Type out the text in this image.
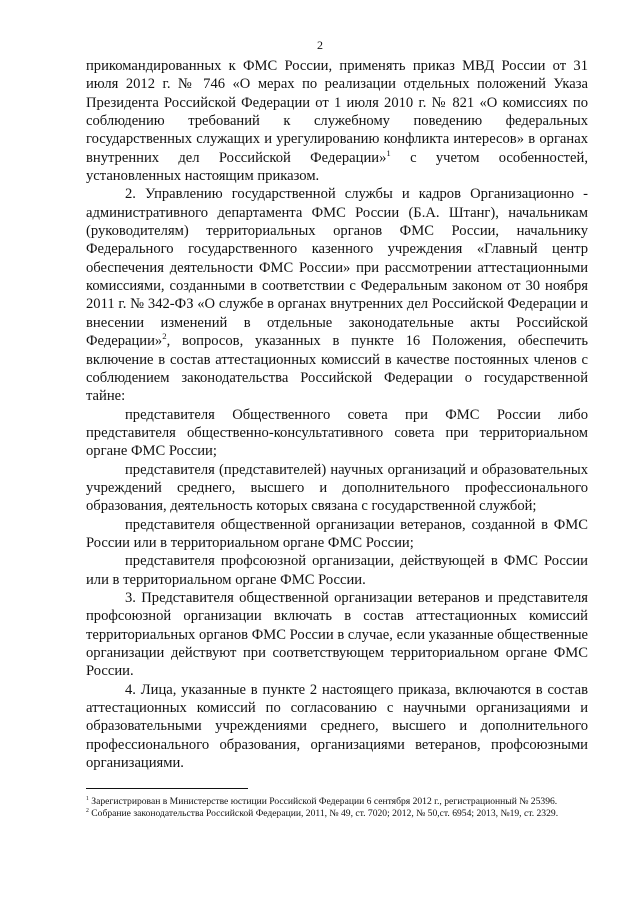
2

прикомандированных к ФМС России, применять приказ МВД России от 31 июля 2012 г. № 746 «О мерах по реализации отдельных положений Указа Президента Российской Федерации от 1 июля 2010 г. № 821 «О комиссиях по соблюдению требований к служебному поведению федеральных государственных служащих и урегулированию конфликта интересов» в органах внутренних дел Российской Федерации»$^1$ с учетом особенностей, установленных настоящим приказом.

2. Управлению государственной службы и кадров Организационно - административного департамента ФМС России (Б.А. Штанг), начальникам (руководителям) территориальных органов ФМС России, начальнику Федерального государственного казенного учреждения «Главный центр обеспечения деятельности ФМС России» при рассмотрении аттестационными комиссиями, созданными в соответствии с Федеральным законом от 30 ноября 2011 г. № 342-ФЗ «О службе в органах внутренних дел Российской Федерации и внесении изменений в отдельные законодательные акты Российской Федерации»$^2$, вопросов, указанных в пункте 16 Положения, обеспечить включение в состав аттестационных комиссий в качестве постоянных членов с соблюдением законодательства Российской Федерации о государственной тайне:

представителя Общественного совета при ФМС России либо представителя общественно-консультативного совета при территориальном органе ФМС России;

представителя (представителей) научных организаций и образовательных учреждений среднего, высшего и дополнительного профессионального образования, деятельность которых связана с государственной службой;

представителя общественной организации ветеранов, созданной в ФМС России или в территориальном органе ФМС России;

представителя профсоюзной организации, действующей в ФМС России или в территориальном органе ФМС России.

3. Представителя общественной организации ветеранов и представителя профсоюзной организации включать в состав аттестационных комиссий территориальных органов ФМС России в случае, если указанные общественные организации действуют при соответствующем территориальном органе ФМС России.

4. Лица, указанные в пункте 2 настоящего приказа, включаются в состав аттестационных комиссий по согласованию с научными организациями и образовательными учреждениями среднего, высшего и дополнительного профессионального образования, организациями ветеранов, профсоюзными организациями.

$^1$ Зарегистрирован в Министерстве юстиции Российской Федерации 6 сентября 2012 г., регистрационный № 25396.

$^2$ Собрание законодательства Российской Федерации, 2011, № 49, ст. 7020; 2012, № 50,ст. 6954; 2013, №19, ст. 2329.
